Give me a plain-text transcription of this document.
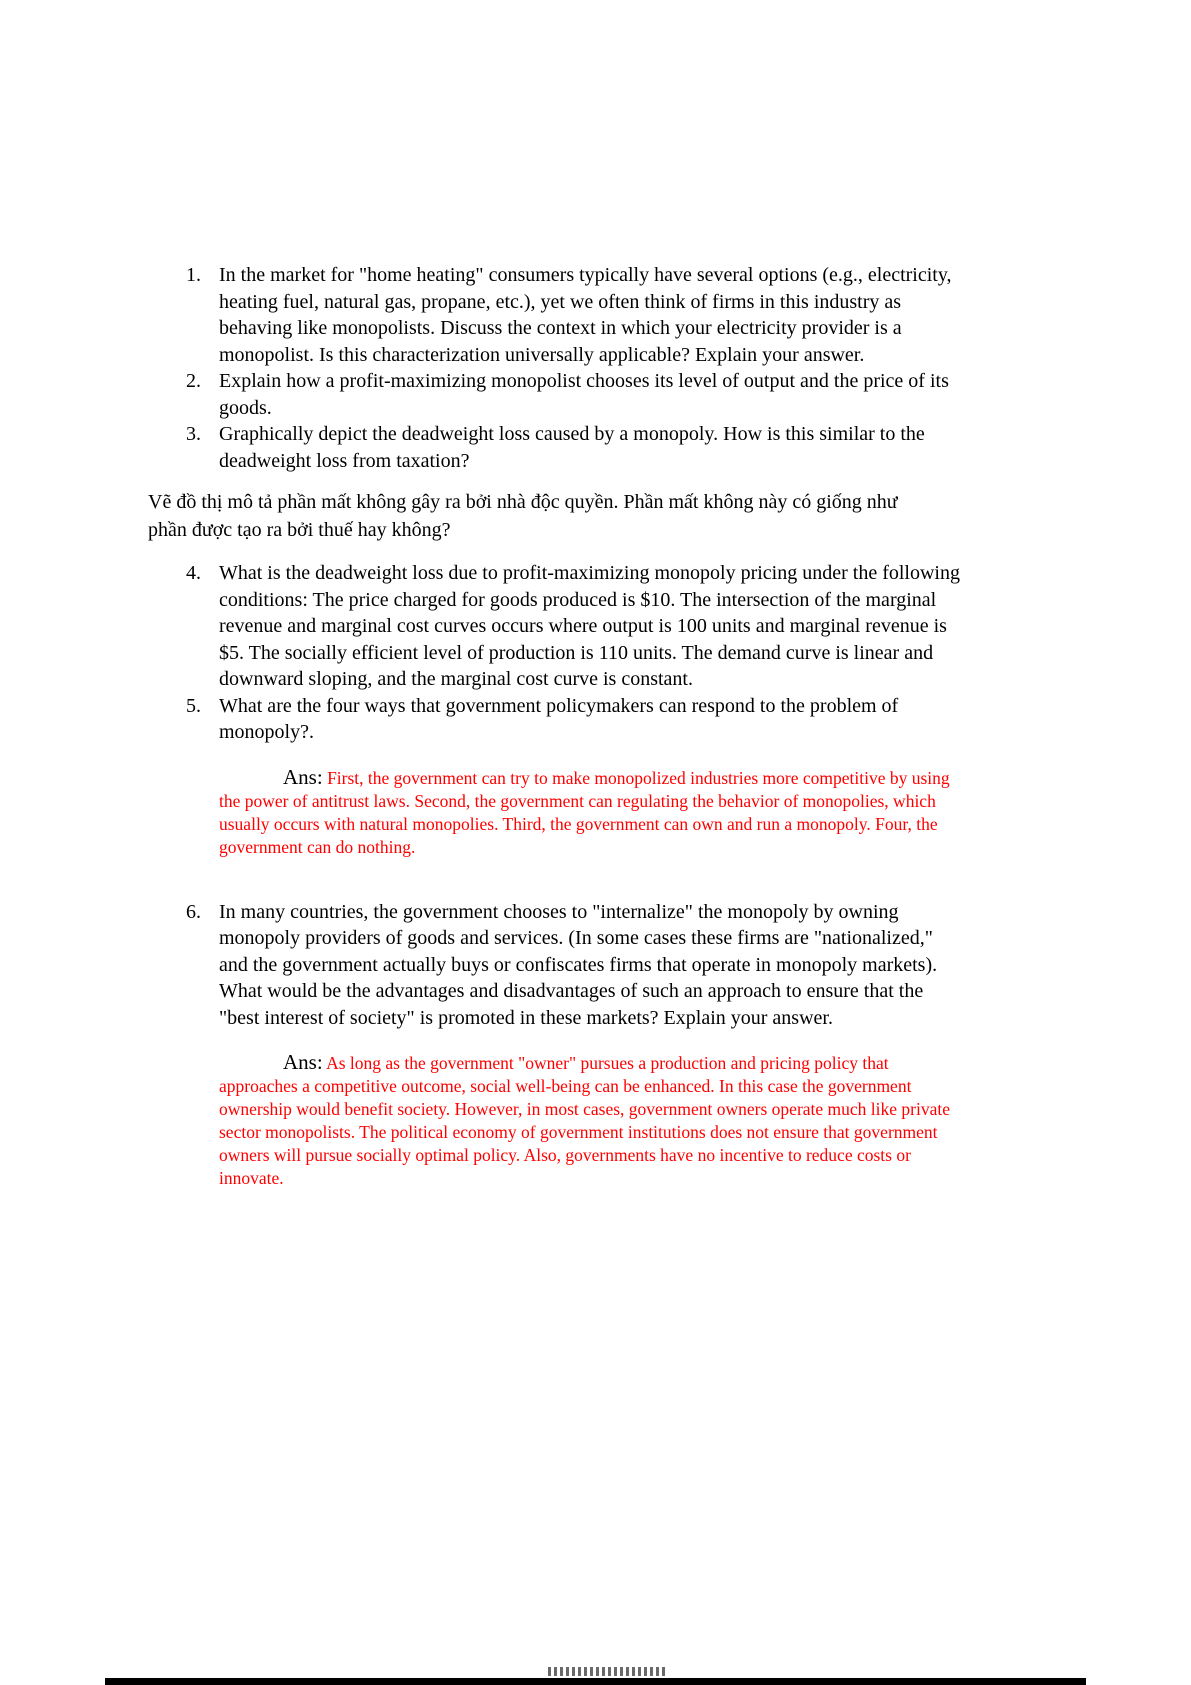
1. In the market for "home heating" consumers typically have several options (e.g., electricity, heating fuel, natural gas, propane, etc.), yet we often think of firms in this industry as behaving like monopolists. Discuss the context in which your electricity provider is a monopolist. Is this characterization universally applicable? Explain your answer.
2. Explain how a profit-maximizing monopolist chooses its level of output and the price of its goods.
3. Graphically depict the deadweight loss caused by a monopoly. How is this similar to the deadweight loss from taxation?

Vẽ đồ thị mô tả phần mất không gây ra bởi nhà độc quyền. Phần mất không này có giống như phần được tạo ra bởi thuế hay không?

4. What is the deadweight loss due to profit-maximizing monopoly pricing under the following conditions: The price charged for goods produced is $10. The intersection of the marginal revenue and marginal cost curves occurs where output is 100 units and marginal revenue is $5. The socially efficient level of production is 110 units. The demand curve is linear and downward sloping, and the marginal cost curve is constant.
5. What are the four ways that government policymakers can respond to the problem of monopoly?.

Ans: First, the government can try to make monopolized industries more competitive by using the power of antitrust laws. Second, the government can regulating the behavior of monopolies, which usually occurs with natural monopolies. Third, the government can own and run a monopoly. Four, the government can do nothing.

6. In many countries, the government chooses to "internalize" the monopoly by owning monopoly providers of goods and services. (In some cases these firms are "nationalized," and the government actually buys or confiscates firms that operate in monopoly markets). What would be the advantages and disadvantages of such an approach to ensure that the "best interest of society" is promoted in these markets? Explain your answer.

Ans: As long as the government "owner" pursues a production and pricing policy that approaches a competitive outcome, social well-being can be enhanced. In this case the government ownership would benefit society. However, in most cases, government owners operate much like private sector monopolists. The political economy of government institutions does not ensure that government owners will pursue socially optimal policy. Also, governments have no incentive to reduce costs or innovate.
